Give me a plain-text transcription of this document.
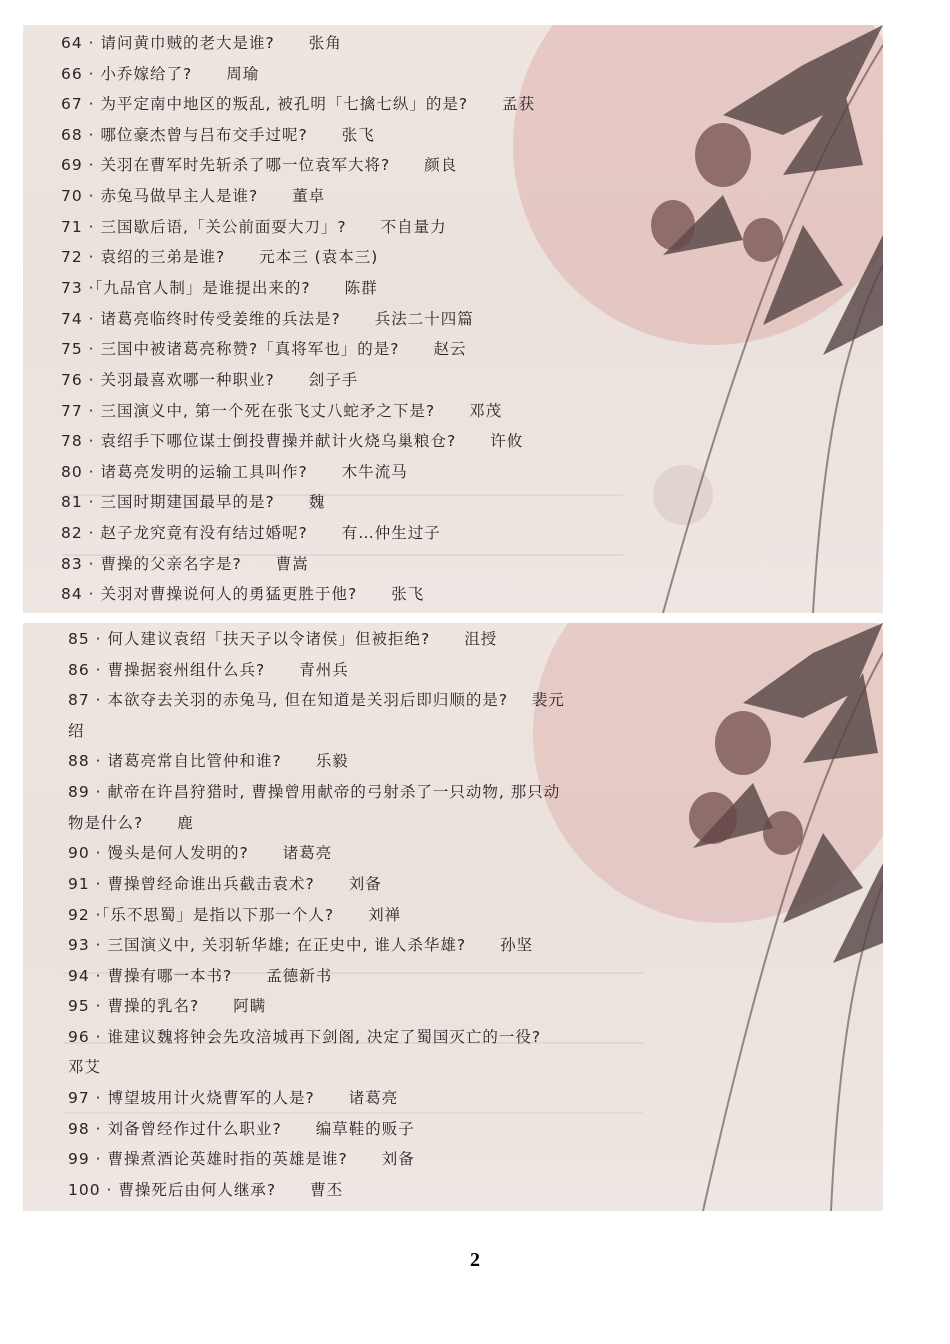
64 · 请问黄巾贼的老大是谁? 张角

66 · 小乔嫁给了? 周瑜

67 · 为平定南中地区的叛乱, 被孔明「七擒七纵」的是? 孟获

68 · 哪位豪杰曾与吕布交手过呢? 张飞

69 · 关羽在曹军时先斩杀了哪一位袁军大将? 颜良

70 · 赤兔马做早主人是谁? 董卓

71 · 三国歇后语,「关公前面耍大刀」? 不自量力

72 · 袁绍的三弟是谁? 元本三 (袁本三)

73 ·「九品官人制」是谁提出来的? 陈群

74 · 诸葛亮临终时传受姜维的兵法是? 兵法二十四篇

75 · 三国中被诸葛亮称赞?「真将军也」的是? 赵云

76 · 关羽最喜欢哪一种职业? 刽子手

77 · 三国演义中, 第一个死在张飞丈八蛇矛之下是? 邓茂

78 · 袁绍手下哪位谋士倒投曹操并献计火烧乌巢粮仓? 许攸

80 · 诸葛亮发明的运输工具叫作? 木牛流马

81 · 三国时期建国最早的是? 魏

82 · 赵子龙究竟有没有结过婚呢? 有…仲生过子

83 · 曹操的父亲名字是? 曹嵩

84 · 关羽对曹操说何人的勇猛更胜于他? 张飞

85 · 何人建议袁绍「扶天子以令诸侯」但被拒绝? 沮授

86 · 曹操据衮州组什么兵? 青州兵

87 · 本欲夺去关羽的赤兔马, 但在知道是关羽后即归顺的是?    裴元

绍

88 · 诸葛亮常自比管仲和谁? 乐毅

89 · 献帝在许昌狩猎时, 曹操曾用献帝的弓射杀了一只动物, 那只动

物是什么? 鹿

90 · 馒头是何人发明的? 诸葛亮

91 · 曹操曾经命谁出兵截击袁术? 刘备

92 ·「乐不思蜀」是指以下那一个人? 刘禅

93 · 三国演义中, 关羽斩华雄; 在正史中, 谁人杀华雄? 孙坚

94 · 曹操有哪一本书? 孟德新书

95 · 曹操的乳名? 阿瞒

96 · 谁建议魏将钟会先攻涪城再下剑阁, 决定了蜀国灭亡的一役?

邓艾

97 · 博望坡用计火烧曹军的人是? 诸葛亮

98 · 刘备曾经作过什么职业? 编草鞋的贩子

99 · 曹操煮酒论英雄时指的英雄是谁? 刘备

100 · 曹操死后由何人继承? 曹丕

2
